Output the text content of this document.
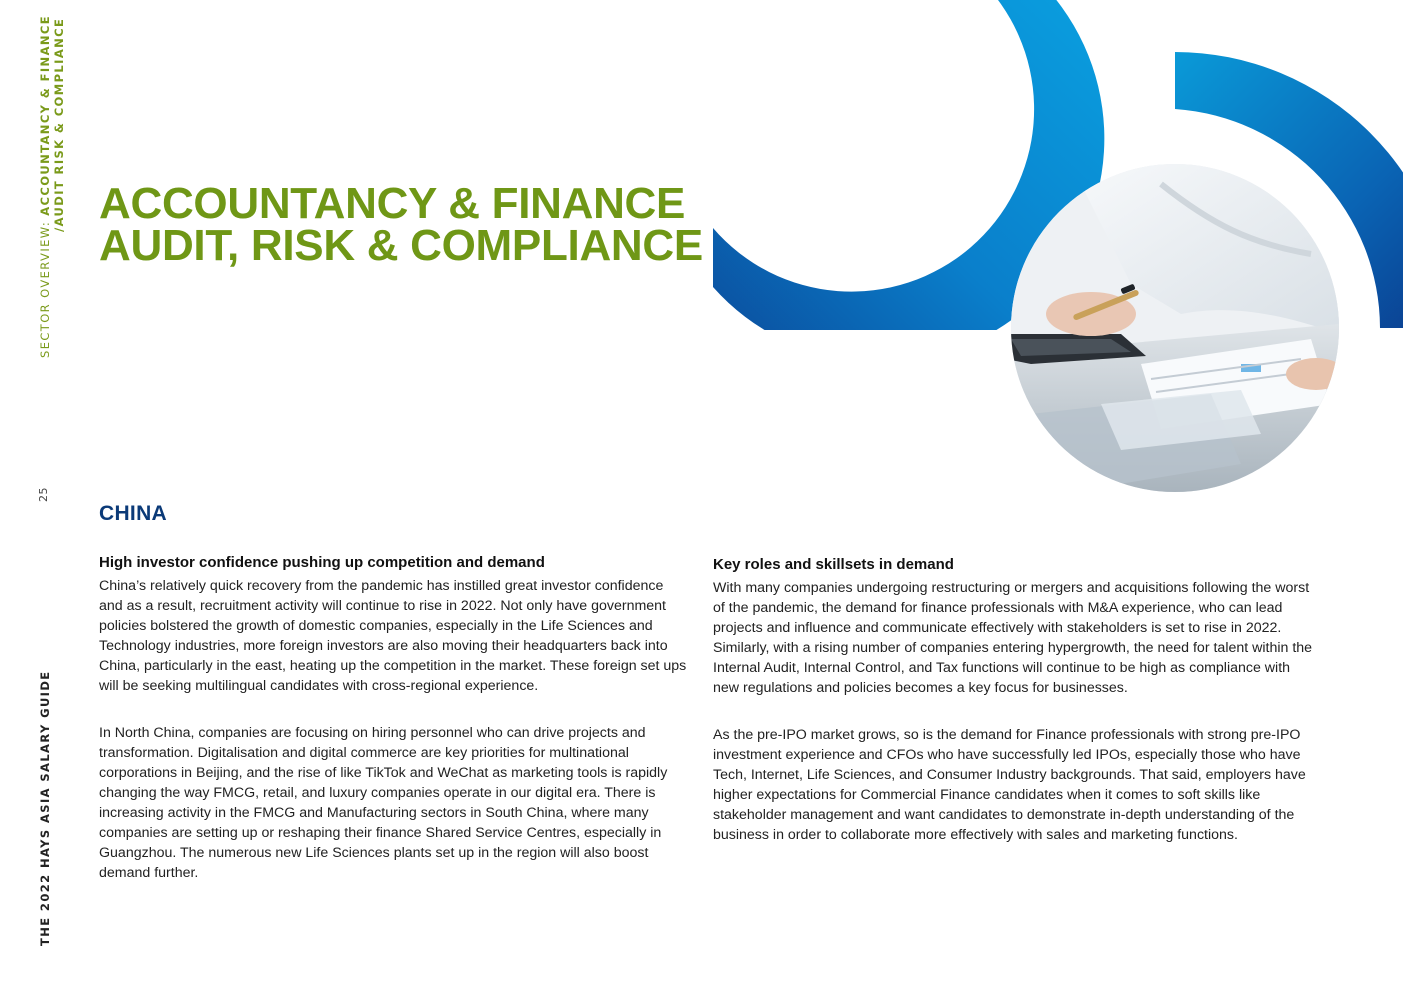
SECTOR OVERVIEW: ACCOUNTANCY & FINANCE /AUDIT RISK & COMPLIANCE
25
THE 2022 HAYS ASIA SALARY GUIDE
ACCOUNTANCY & FINANCE
AUDIT, RISK & COMPLIANCE
CHINA
High investor confidence pushing up competition and demand

China’s relatively quick recovery from the pandemic has instilled great investor confidence and as a result, recruitment activity will continue to rise in 2022. Not only have government policies bolstered the growth of domestic companies, especially in the Life Sciences and Technology industries, more foreign investors are also moving their headquarters back into China, particularly in the east, heating up the competition in the market. These foreign set ups will be seeking multilingual candidates with cross-regional experience.

In North China, companies are focusing on hiring personnel who can drive projects and transformation. Digitalisation and digital commerce are key priorities for multinational corporations in Beijing, and the rise of like TikTok and WeChat as marketing tools is rapidly changing the way FMCG, retail, and luxury companies operate in our digital era. There is increasing activity in the FMCG and Manufacturing sectors in South China, where many companies are setting up or reshaping their finance Shared Service Centres, especially in Guangzhou. The numerous new Life Sciences plants set up in the region will also boost demand further.

Key roles and skillsets in demand

With many companies undergoing restructuring or mergers and acquisitions following the worst of the pandemic, the demand for finance professionals with M&A experience, who can lead projects and influence and communicate effectively with stakeholders is set to rise in 2022. Similarly, with a rising number of companies entering hypergrowth, the need for talent within the Internal Audit, Internal Control, and Tax functions will continue to be high as compliance with new regulations and policies becomes a key focus for businesses.

As the pre-IPO market grows, so is the demand for Finance professionals with strong pre-IPO investment experience and CFOs who have successfully led IPOs, especially those who have Tech, Internet, Life Sciences, and Consumer Industry backgrounds. That said, employers have higher expectations for Commercial Finance candidates when it comes to soft skills like stakeholder management and want candidates to demonstrate in-depth understanding of the business in order to collaborate more effectively with sales and marketing functions.
